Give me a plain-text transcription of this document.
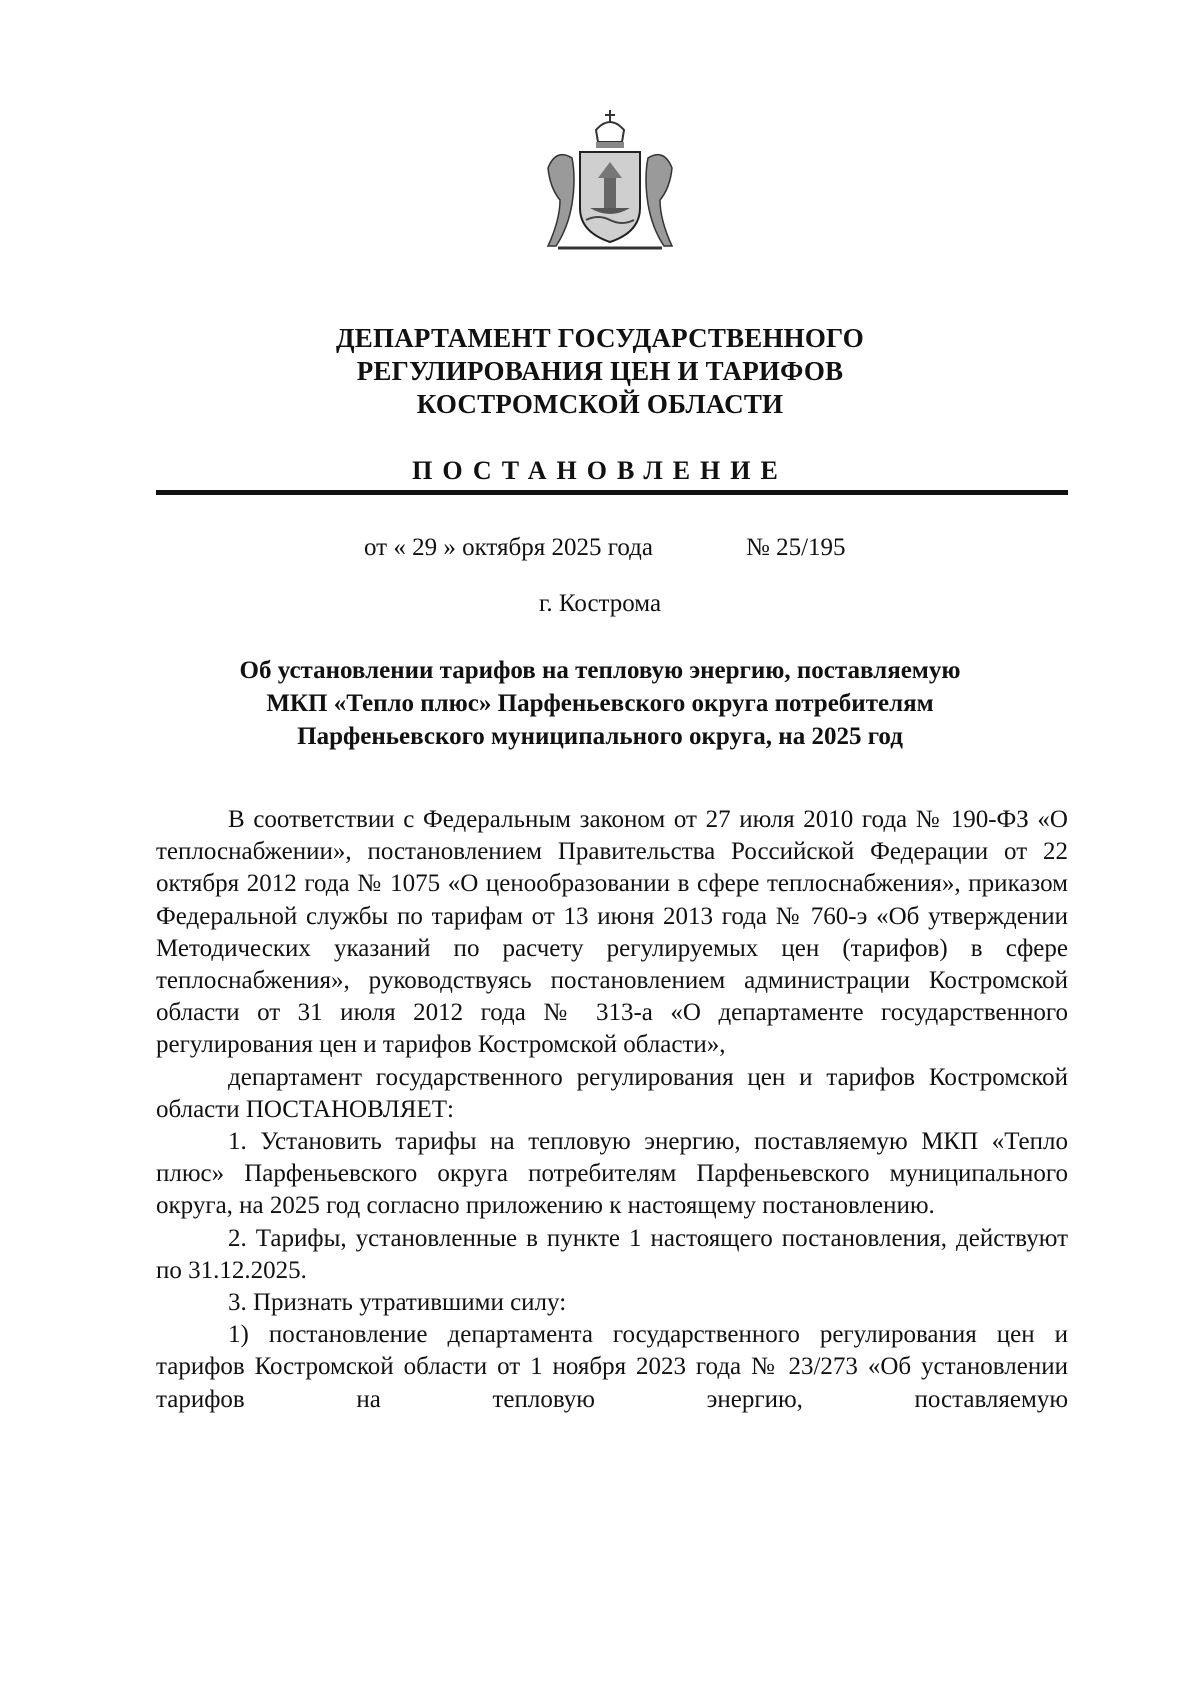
ДЕПАРТАМЕНТ ГОСУДАРСТВЕННОГО
РЕГУЛИРОВАНИЯ ЦЕН И ТАРИФОВ
КОСТРОМСКОЙ ОБЛАСТИ
ПОСТАНОВЛЕНИЕ
от « 29 » октября 2025 года	№ 25/195
г. Кострома
Об установлении тарифов на тепловую энергию, поставляемую
МКП «Тепло плюс» Парфеньевского округа потребителям
Парфеньевского муниципального округа, на 2025 год

В соответствии с Федеральным законом от 27 июля 2010 года № 190-ФЗ «О теплоснабжении», постановлением Правительства Российской Федерации от 22 октября 2012 года № 1075 «О ценообразовании в сфере теплоснабжения», приказом Федеральной службы по тарифам от 13 июня 2013 года № 760-э «Об утверждении Методических указаний по расчету регулируемых цен (тарифов) в сфере теплоснабжения», руководствуясь постановлением администрации Костромской области от 31 июля 2012 года № 313-а «О департаменте государственного регулирования цен и тарифов Костромской области»,

департамент государственного регулирования цен и тарифов Костромской области ПОСТАНОВЛЯЕТ:

1. Установить тарифы на тепловую энергию, поставляемую МКП «Тепло плюс» Парфеньевского округа потребителям Парфеньевского муниципального округа, на 2025 год согласно приложению к настоящему постановлению.

2. Тарифы, установленные в пункте 1 настоящего постановления, действуют по 31.12.2025.

3. Признать утратившими силу:

1) постановление департамента государственного регулирования цен и тарифов Костромской области от 1 ноября 2023 года № 23/273 «Об установлении тарифов на тепловую энергию, поставляемую
